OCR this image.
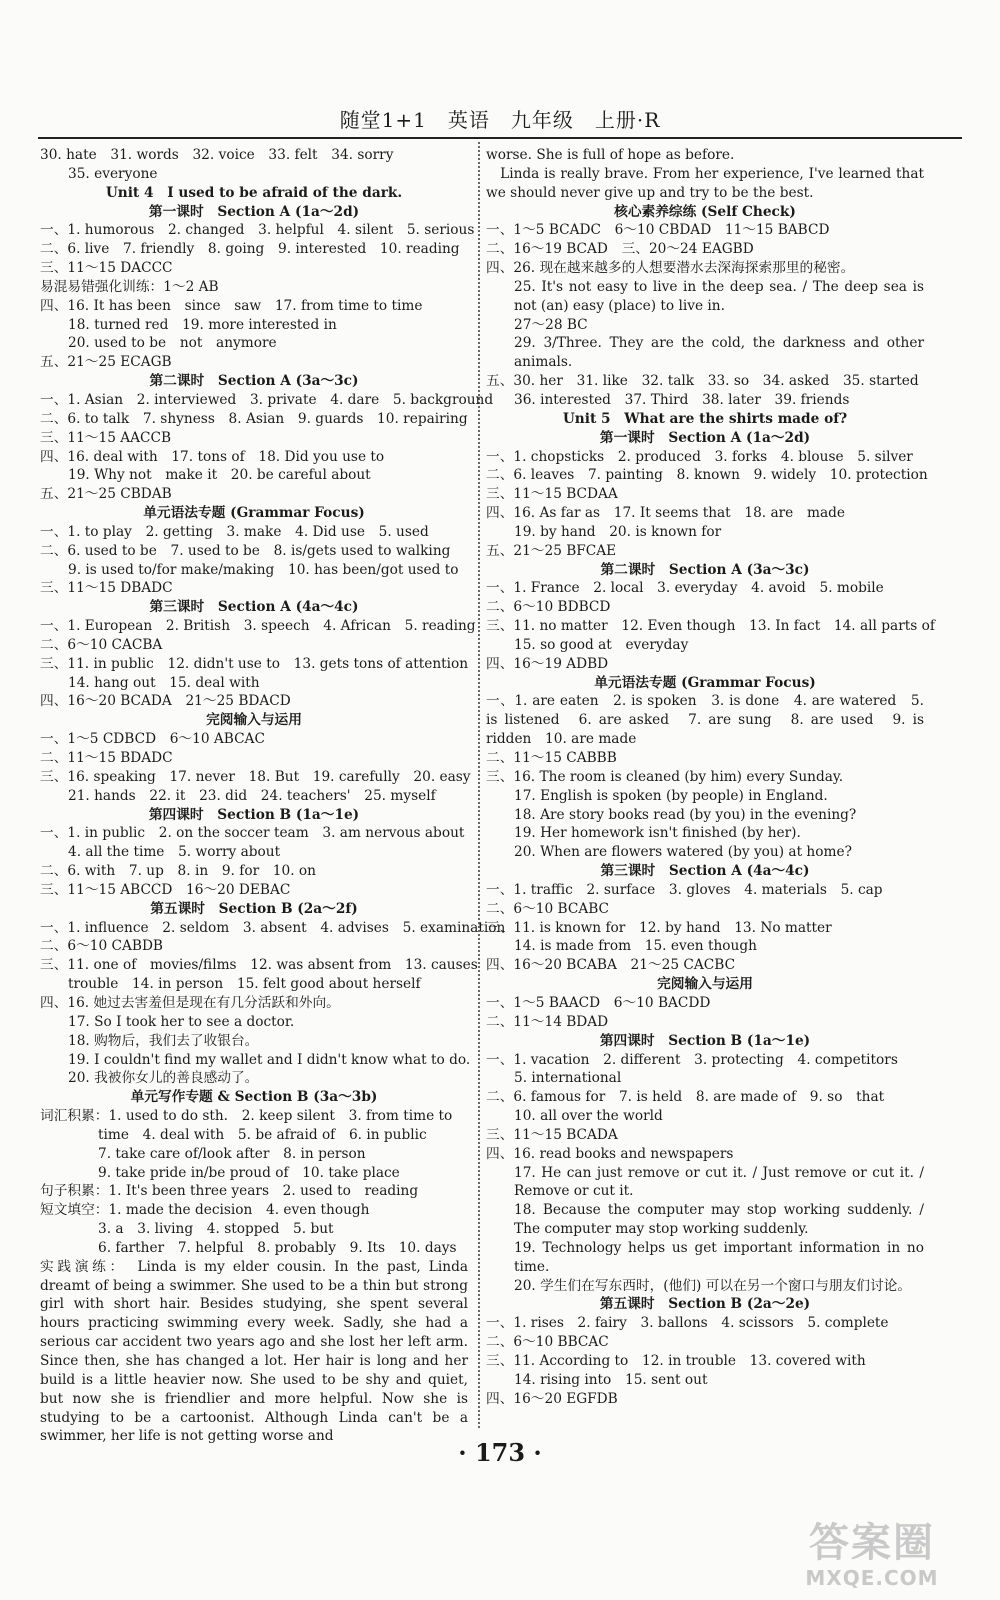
随堂1+1　英语　九年级　上册·R
30. hate　31. words　32. voice　33. felt　34. sorry
35. everyone
Unit 4　I used to be afraid of the dark.
第一课时　Section A (1a～2d)
一、1. humorous　2. changed　3. helpful　4. silent　5. serious
二、6. live　7. friendly　8. going　9. interested　10. reading
三、11～15 DACCC
易混易错强化训练：1～2 AB
四、16. It has been　since　saw　17. from time to time
18. turned red　19. more interested in
20. used to be　not　anymore
五、21～25 ECAGB
第二课时　Section A (3a～3c)
一、1. Asian　2. interviewed　3. private　4. dare　5. background
二、6. to talk　7. shyness　8. Asian　9. guards　10. repairing
三、11～15 AACCB
四、16. deal with　17. tons of　18. Did you use to
19. Why not　make it　20. be careful about
五、21～25 CBDAB
单元语法专题 (Grammar Focus)
一、1. to play　2. getting　3. make　4. Did use　5. used
二、6. used to be　7. used to be　8. is/gets used to walking
9. is used to/for make/making　10. has been/got used to
三、11～15 DBADC
第三课时　Section A (4a～4c)
一、1. European　2. British　3. speech　4. African　5. reading
二、6～10 CACBA
三、11. in public　12. didn't use to　13. gets tons of attention
14. hang out　15. deal with
四、16～20 BCADA　21～25 BDACD
完阅输入与运用
一、1～5 CDBCD　6～10 ABCAC
二、11～15 BDADC
三、16. speaking　17. never　18. But　19. carefully　20. easy
21. hands　22. it　23. did　24. teachers'　25. myself
第四课时　Section B (1a～1e)
一、1. in public　2. on the soccer team　3. am nervous about
4. all the time　5. worry about
二、6. with　7. up　8. in　9. for　10. on
三、11～15 ABCCD　16～20 DEBAC
第五课时　Section B (2a～2f)
一、1. influence　2. seldom　3. absent　4. advises　5. examination
二、6～10 CABDB
三、11. one of　movies/films　12. was absent from　13. causes
trouble　14. in person　15. felt good about herself
四、16. 她过去害羞但是现在有几分活跃和外向。
17. So I took her to see a doctor.
18. 购物后，我们去了收银台。
19. I couldn't find my wallet and I didn't know what to do.
20. 我被你女儿的善良感动了。
单元写作专题 & Section B (3a～3b)
词汇积累：1. used to do sth.　2. keep silent　3. from time to
time　4. deal with　5. be afraid of　6. in public
7. take care of/look after　8. in person
9. take pride in/be proud of　10. take place
句子积累：1. It's been three years　2. used to　reading
短文填空：1. made the decision　4. even though
3. a　3. living　4. stopped　5. but
6. farther　7. helpful　8. probably　9. Its　10. days
实践演练：　Linda is my elder cousin. In the past, Linda dreamt of being a swimmer. She used to be a thin but strong girl with short hair. Besides studying, she spent several hours practicing swimming every week. Sadly, she had a serious car accident two years ago and she lost her left arm. Since then, she has changed a lot. Her hair is long and her build is a little heavier now. She used to be shy and quiet, but now she is friendlier and more helpful. Now she is studying to be a cartoonist. Although Linda can't be a swimmer, her life is not getting worse and
worse. She is full of hope as before.
　Linda is really brave. From her experience, I've learned that we should never give up and try to be the best.
核心素养综练 (Self Check)
一、1～5 BCADC　6～10 CBDAD　11～15 BABCD
二、16～19 BCAD　三、20～24 EAGBD
四、26. 现在越来越多的人想要潜水去深海探索那里的秘密。
25. It's not easy to live in the deep sea. / The deep sea is not (an) easy (place) to live in.
27～28 BC
29. 3/Three. They are the cold, the darkness and other animals.
五、30. her　31. like　32. talk　33. so　34. asked　35. started
36. interested　37. Third　38. later　39. friends
Unit 5　What are the shirts made of?
第一课时　Section A (1a～2d)
一、1. chopsticks　2. produced　3. forks　4. blouse　5. silver
二、6. leaves　7. painting　8. known　9. widely　10. protection
三、11～15 BCDAA
四、16. As far as　17. It seems that　18. are　made
19. by hand　20. is known for
五、21～25 BFCAE
第二课时　Section A (3a～3c)
一、1. France　2. local　3. everyday　4. avoid　5. mobile
二、6～10 BDBCD
三、11. no matter　12. Even though　13. In fact　14. all parts of
15. so good at　everyday
四、16～19 ADBD
单元语法专题 (Grammar Focus)
一、1. are eaten　2. is spoken　3. is done　4. are watered　5. is listened　6. are asked　7. are sung　8. are used　9. is ridden　10. are made
二、11～15 CABBB
三、16. The room is cleaned (by him) every Sunday.
17. English is spoken (by people) in England.
18. Are story books read (by you) in the evening?
19. Her homework isn't finished (by her).
20. When are flowers watered (by you) at home?
第三课时　Section A (4a～4c)
一、1. traffic　2. surface　3. gloves　4. materials　5. cap
二、6～10 BCABC
三、11. is known for　12. by hand　13. No matter
14. is made from　15. even though
四、16～20 BCABA　21～25 CACBC
完阅输入与运用
一、1～5 BAACD　6～10 BACDD
二、11～14 BDAD
第四课时　Section B (1a～1e)
一、1. vacation　2. different　3. protecting　4. competitors
5. international
二、6. famous for　7. is held　8. are made of　9. so　that
10. all over the world
三、11～15 BCADA
四、16. read books and newspapers
17. He can just remove or cut it. / Just remove or cut it. / Remove or cut it.
18. Because the computer may stop working suddenly. / The computer may stop working suddenly.
19. Technology helps us get important information in no time.
20. 学生们在写东西时，(他们) 可以在另一个窗口与朋友们讨论。
第五课时　Section B (2a～2e)
一、1. rises　2. fairy　3. ballons　4. scissors　5. complete
二、6～10 BBCAC
三、11. According to　12. in trouble　13. covered with
14. rising into　15. sent out
四、16～20 EGFDB
· 173 ·
答案圈
MXQE.COM
